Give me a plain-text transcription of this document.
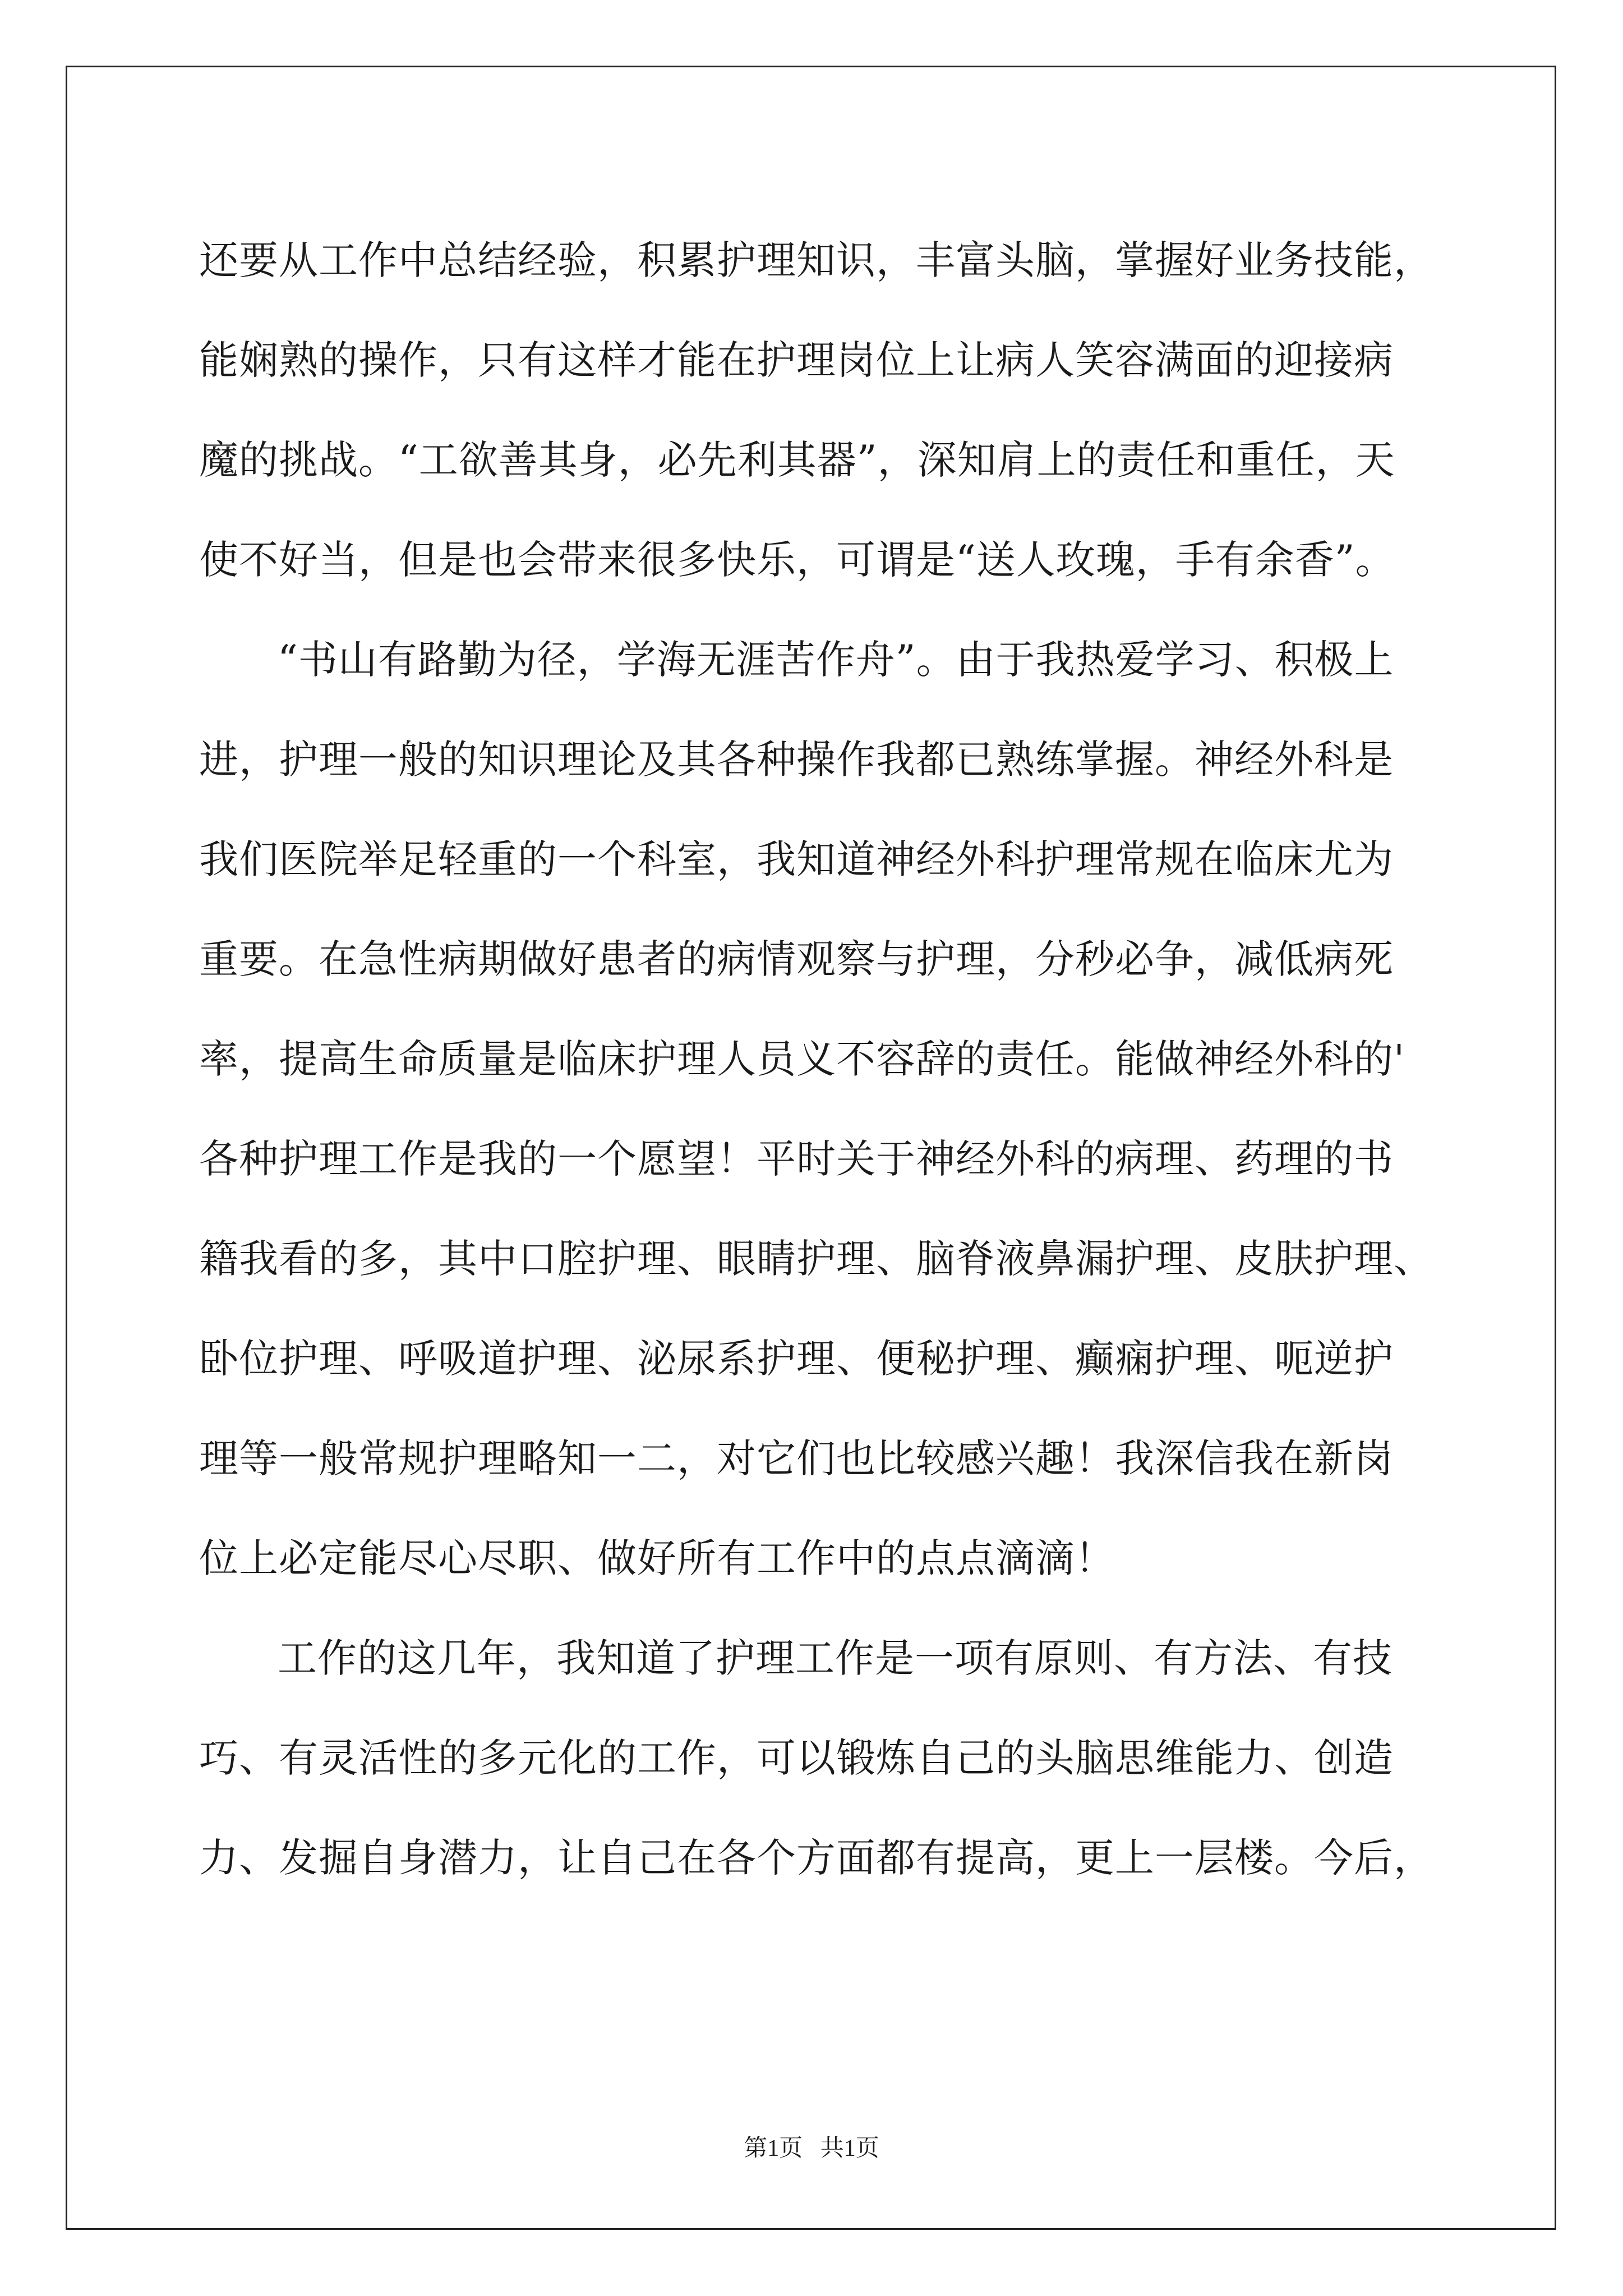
还要从工作中总结经验，积累护理知识，丰富头脑，掌握好业务技能，
能娴熟的操作，只有这样才能在护理岗位上让病人笑容满面的迎接病
魔的挑战。“工欲善其身，必先利其器”，深知肩上的责任和重任，天
使不好当，但是也会带来很多快乐，可谓是“送人玫瑰，手有余香”。
“书山有路勤为径，学海无涯苦作舟”。由于我热爱学习、积极上
进，护理一般的知识理论及其各种操作我都已熟练掌握。神经外科是
我们医院举足轻重的一个科室，我知道神经外科护理常规在临床尤为
重要。在急性病期做好患者的病情观察与护理，分秒必争，减低病死
率，提高生命质量是临床护理人员义不容辞的责任。能做神经外科的'
各种护理工作是我的一个愿望！平时关于神经外科的病理、药理的书
籍我看的多，其中口腔护理、眼睛护理、脑脊液鼻漏护理、皮肤护理、
卧位护理、呼吸道护理、泌尿系护理、便秘护理、癫痫护理、呃逆护
理等一般常规护理略知一二，对它们也比较感兴趣！我深信我在新岗
位上必定能尽心尽职、做好所有工作中的点点滴滴！
工作的这几年，我知道了护理工作是一项有原则、有方法、有技
巧、有灵活性的多元化的工作，可以锻炼自己的头脑思维能力、创造
力、发掘自身潜力，让自己在各个方面都有提高，更上一层楼。今后，
第1页   共1页
